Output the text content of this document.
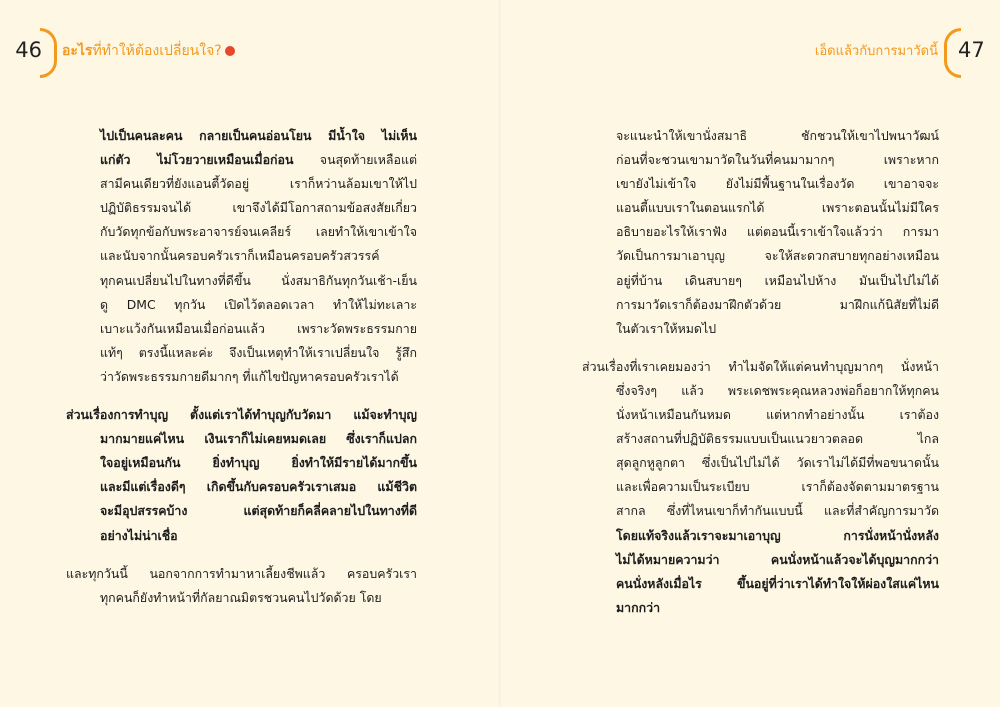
46	อะไรที่ทำให้ต้องเปลี่ยนใจ?	เอ็ดแล้วกับการมาวัดนี้ 47
ไปเป็นคนละคน กลายเป็นคนอ่อนโยน มีน้ำใจ ไม่เห็น
แก่ตัว ไม่โวยวายเหมือนเมื่อก่อน จนสุดท้ายเหลือแต่
สามีคนเดียวที่ยังแอนตี้วัดอยู่ เราก็หว่านล้อมเขาให้ไป
ปฏิบัติธรรมจนได้ เขาจึงได้มีโอกาสถามข้อสงสัยเกี่ยว
กับวัดทุกข้อกับพระอาจารย์จนเคลียร์ เลยทำให้เขาเข้าใจ
และนับจากนั้นครอบครัวเราก็เหมือนครอบครัวสวรรค์
ทุกคนเปลี่ยนไปในทางที่ดีขึ้น นั่งสมาธิกันทุกวันเช้า-เย็น
ดู DMC ทุกวัน เปิดไว้ตลอดเวลา ทำให้ไม่ทะเลาะ
เบาะแว้งกันเหมือนเมื่อก่อนแล้ว เพราะวัดพระธรรมกาย
แท้ๆ ตรงนี้แหละค่ะ จึงเป็นเหตุทำให้เราเปลี่ยนใจ รู้สึก
ว่าวัดพระธรรมกายดีมากๆ ที่แก้ไขปัญหาครอบครัวเราได้
ส่วนเรื่องการทำบุญ ตั้งแต่เราได้ทำบุญกับวัดมา แม้จะทำบุญ
มากมายแค่ไหน เงินเราก็ไม่เคยหมดเลย ซึ่งเราก็แปลก
ใจอยู่เหมือนกัน ยิ่งทำบุญ ยิ่งทำให้มีรายได้มากขึ้น
และมีแต่เรื่องดีๆ เกิดขึ้นกับครอบครัวเราเสมอ แม้ชีวิต
จะมีอุปสรรคบ้าง แต่สุดท้ายก็คลี่คลายไปในทางที่ดี
อย่างไม่น่าเชื่อ
และทุกวันนี้ นอกจากการทำมาหาเลี้ยงชีพแล้ว ครอบครัวเรา
ทุกคนก็ยังทำหน้าที่กัลยาณมิตรชวนคนไปวัดด้วย โดย
จะแนะนำให้เขานั่งสมาธิ ชักชวนให้เขาไปพนาวัฒน์
ก่อนที่จะชวนเขามาวัดในวันที่คนมามากๆ เพราะหาก
เขายังไม่เข้าใจ ยังไม่มีพื้นฐานในเรื่องวัด เขาอาจจะ
แอนตี้แบบเราในตอนแรกได้ เพราะตอนนั้นไม่มีใคร
อธิบายอะไรให้เราฟัง แต่ตอนนี้เราเข้าใจแล้วว่า การมา
วัดเป็นการมาเอาบุญ จะให้สะดวกสบายทุกอย่างเหมือน
อยู่ที่บ้าน เดินสบายๆ เหมือนไปห้าง มันเป็นไปไม่ได้
การมาวัดเราก็ต้องมาฝึกตัวด้วย มาฝึกแก้นิสัยที่ไม่ดี
ในตัวเราให้หมดไป
ส่วนเรื่องที่เราเคยมองว่า ทำไมจัดให้แต่คนทำบุญมากๆ นั่งหน้า
ซึ่งจริงๆ แล้ว พระเดชพระคุณหลวงพ่อก็อยากให้ทุกคน
นั่งหน้าเหมือนกันหมด แต่หากทำอย่างนั้น เราต้อง
สร้างสถานที่ปฏิบัติธรรมแบบเป็นแนวยาวตลอด ไกล
สุดลูกหูลูกตา ซึ่งเป็นไปไม่ได้ วัดเราไม่ได้มีที่พอขนาดนั้น
และเพื่อความเป็นระเบียบ เราก็ต้องจัดตามมาตรฐาน
สากล ซึ่งที่ไหนเขาก็ทำกันแบบนี้ และที่สำคัญการมาวัด
โดยแท้จริงแล้วเราจะมาเอาบุญ การนั่งหน้านั่งหลัง
ไม่ได้หมายความว่า คนนั่งหน้าแล้วจะได้บุญมากกว่า
คนนั่งหลังเมื่อไร ขึ้นอยู่ที่ว่าเราได้ทำใจให้ผ่องใสแค่ไหน
มากกว่า
